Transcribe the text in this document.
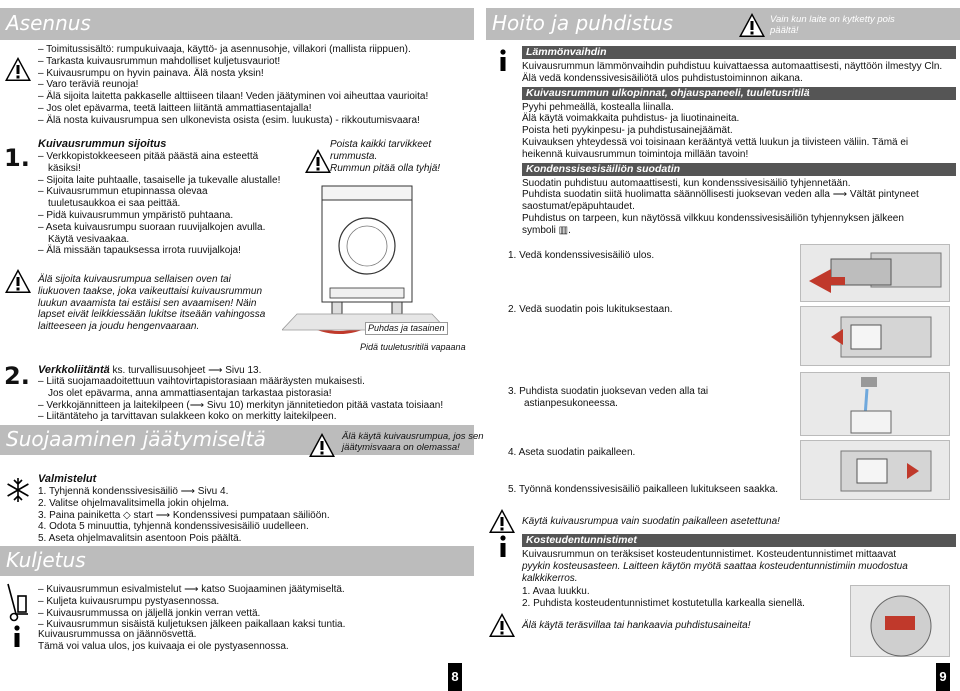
Asennus
– Toimitussisältö: rumpukuivaaja, käyttö- ja asennusohje, villakori (mallista riippuen).
– Tarkasta kuivausrummun mahdolliset kuljetusvauriot!
– Kuivausrumpu on hyvin painava. Älä nosta yksin!
– Varo teräviä reunoja!
– Älä sijoita laitetta pakkaselle alttiiseen tilaan! Veden jäätyminen voi aiheuttaa vaurioita!
– Jos olet epävarma, teetä laitteen liitäntä ammattiasentajalla!
– Älä nosta kuivausrumpua sen ulkonevista osista (esim. luukusta) - rikkoutumisvaara!
1. Kuivausrummun sijoitus
– Verkkopistokkeeseen pitää päästä aina esteettä
käsiksi!
– Sijoita laite puhtaalle, tasaiselle ja tukevalle alustalle!
– Kuivausrummun etupinnassa olevaa
tuuletusaukkoa ei saa peittää.
– Pidä kuivausrummun ympäristö puhtaana.
– Aseta kuivausrumpu suoraan ruuvijalkojen avulla.
Käytä vesivaakaa.
– Älä missään tapauksessa irrota ruuvijalkoja!
Poista kaikki tarvikkeet
rummusta.
Rummun pitää olla tyhjä!
Puhdas ja tasainen
Pidä tuuletusritilä vapaana
Älä sijoita kuivausrumpua sellaisen oven tai
liukuoven taakse, joka vaikeuttaisi kuivausrummun
luukun avaamista tai estäisi sen avaamisen! Näin
lapset eivät leikkiessään lukitse itseään vahingossa
laitteeseen ja joudu hengenvaaraan.
2. Verkkoliitäntä ks. turvallisuusohjeet ⟶ Sivu 13.
– Liitä suojamaadoitettuun vaihtovirtapistorasiaan määräysten mukaisesti.
Jos olet epävarma, anna ammattiasentajan tarkastaa pistorasia!
– Verkkojännitteen ja laitekilpeen (⟶ Sivu 10) merkityn jännitetiedon pitää vastata toisiaan!
– Liitäntäteho ja tarvittavan sulakkeen koko on merkitty laitekilpeen.
Suojaaminen jäätymiseltä	Älä käytä kuivausrumpua, jos sen
jäätymisvaara on olemassa!
Valmistelut
1. Tyhjennä kondenssivesisäiliö ⟶ Sivu 4.
2. Valitse ohjelmavalitsimella jokin ohjelma.
3. Paina painiketta ◇ start ⟶ Kondenssivesi pumpataan säiliöön.
4. Odota 5 minuuttia, tyhjennä kondenssivesisäiliö uudelleen.
5. Aseta ohjelmavalitsin asentoon Pois päältä.
Kuljetus
– Kuivausrummun esivalmistelut ⟶ katso Suojaaminen jäätymiseltä.
– Kuljeta kuivausrumpu pystyasennossa.
– Kuivausrummussa on jäljellä jonkin verran vettä.
– Kuivausrummun sisäistä kuljetuksen jälkeen paikallaan kaksi tuntia.
Kuivausrummussa on jäännösvettä.
Tämä voi valua ulos, jos kuivaaja ei ole pystyasennossa.
8
Hoito ja puhdistus	Vain kun laite on kytketty pois
päältä!
Lämmönvaihdin
Kuivausrummun lämmönvaihdin puhdistuu kuivattaessa automaattisesti, näyttöön ilmestyy Cln.
Älä vedä kondenssivesisäiliötä ulos puhdistustoiminnon aikana.
Kuivausrummun ulkopinnat, ohjauspaneeli, tuuletusritilä
Pyyhi pehmeällä, kostealla liinalla.
Älä käytä voimakkaita puhdistus- ja liuotinaineita.
Poista heti pyykinpesu- ja puhdistusainejäämät.
Kuivauksen yhteydessä voi toisinaan kerääntyä vettä luukun ja tiivisteen väliin. Tämä ei
heikennä kuivausrummun toimintoja millään tavoin!
Kondenssisesisäiliön suodatin
Suodatin puhdistuu automaattisesti, kun kondenssivesisäiliö tyhjennetään.
Puhdista suodatin siitä huolimatta säännöllisesti juoksevan veden alla ⟶ Vältät pintyneet
saostumat/epäpuhtaudet.
Puhdistus on tarpeen, kun näytössä vilkkuu kondenssivesisäiliön tyhjennyksen jälkeen
symboli ▥.
1. Vedä kondenssivesisäiliö ulos.
2. Vedä suodatin pois lukituksestaan.
3. Puhdista suodatin juoksevan veden alla tai
astianpesukoneessa.
4. Aseta suodatin paikalleen.
5. Työnnä kondenssivesisäiliö paikalleen lukitukseen saakka.
Käytä kuivausrumpua vain suodatin paikalleen asetettuna!
Kosteudentunnistimet
Kuivausrummun on teräksiset kosteudentunnistimet. Kosteudentunnistimet mittaavat
pyykin kosteusasteen. Laitteen käytön myötä saattaa kosteudentunnistimiin muodostua
kalkkikerros.
1. Avaa luukku.
2. Puhdista kosteudentunnistimet kostutetulla karkealla sienellä.
Älä käytä teräsvillaa tai hankaavia puhdistusaineita!
9
